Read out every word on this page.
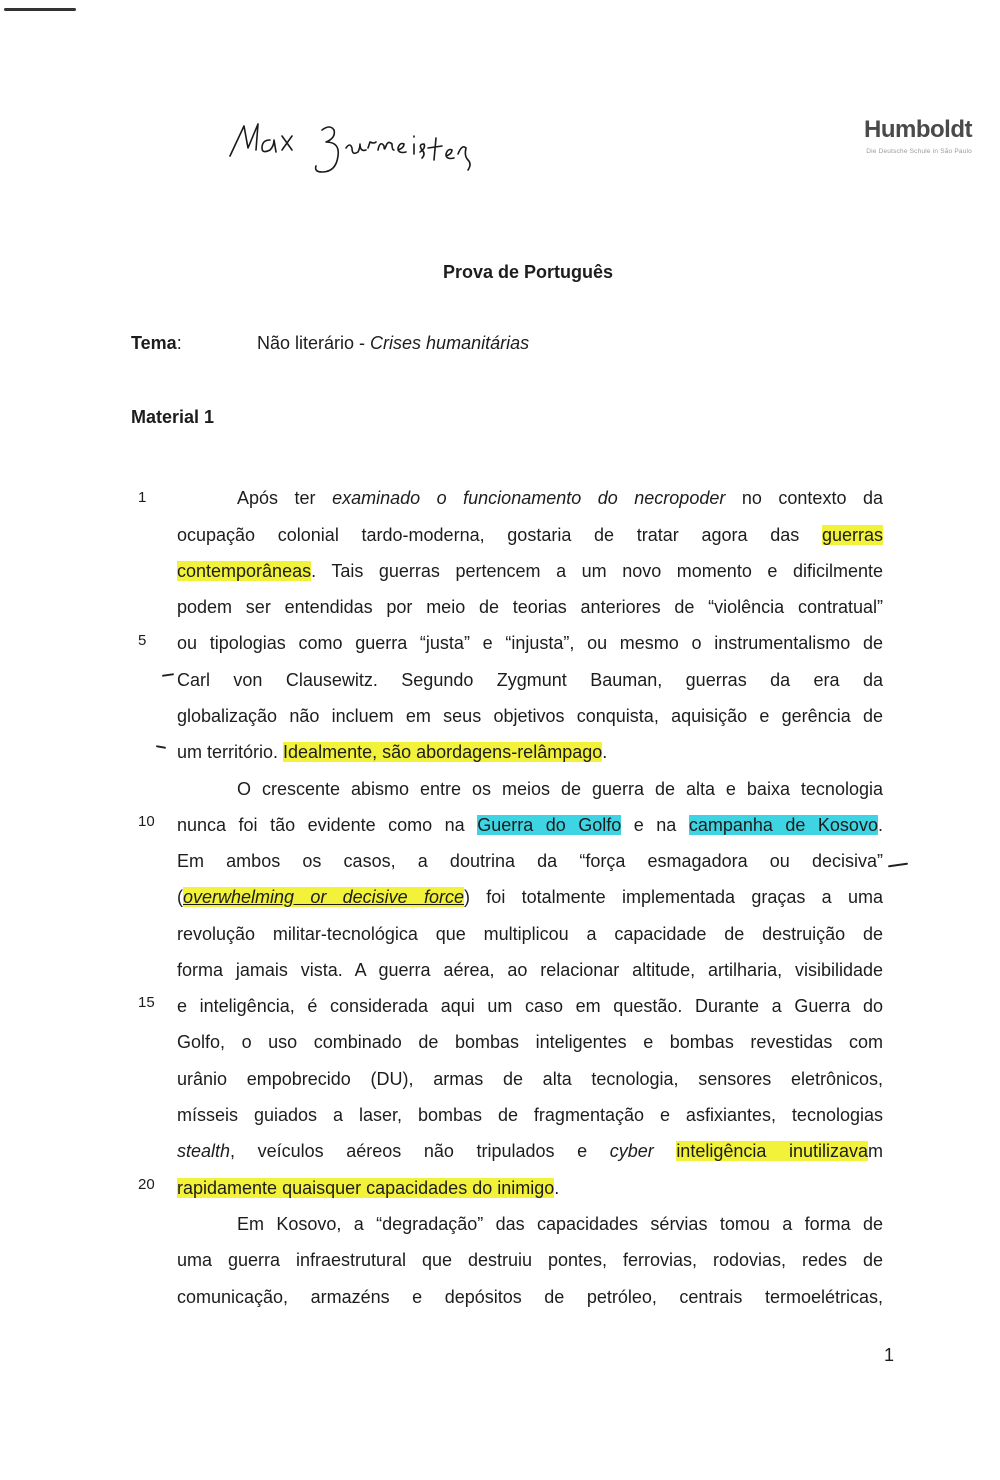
Humboldt
Die Deutsche Schule in São Paulo
Prova de Português
Tema:	Não literário - Crises humanitárias
Material 1
1
5
10
15
20
Após ter examinado o funcionamento do necropoder no contexto da
ocupação colonial tardo-moderna, gostaria de tratar agora das guerras
contemporâneas. Tais guerras pertencem a um novo momento e dificilmente
podem ser entendidas por meio de teorias anteriores de “violência contratual”
ou tipologias como guerra “justa” e “injusta”, ou mesmo o instrumentalismo de
Carl von Clausewitz. Segundo Zygmunt Bauman, guerras da era da
globalização não incluem em seus objetivos conquista, aquisição e gerência de
um território. Idealmente, são abordagens-relâmpago.
O crescente abismo entre os meios de guerra de alta e baixa tecnologia
nunca foi tão evidente como na Guerra do Golfo e na campanha de Kosovo.
Em ambos os casos, a doutrina da “força esmagadora ou decisiva”
(overwhelming or decisive force) foi totalmente implementada graças a uma
revolução militar-tecnológica que multiplicou a capacidade de destruição de
forma jamais vista. A guerra aérea, ao relacionar altitude, artilharia, visibilidade
e inteligência, é considerada aqui um caso em questão. Durante a Guerra do
Golfo, o uso combinado de bombas inteligentes e bombas revestidas com
urânio empobrecido (DU), armas de alta tecnologia, sensores eletrônicos,
mísseis guiados a laser, bombas de fragmentação e asfixiantes, tecnologias
stealth, veículos aéreos não tripulados e cyber inteligência inutilizavam
rapidamente quaisquer capacidades do inimigo.
Em Kosovo, a “degradação” das capacidades sérvias tomou a forma de
uma guerra infraestrutural que destruiu pontes, ferrovias, rodovias, redes de
comunicação, armazéns e depósitos de petróleo, centrais termoelétricas,
1
